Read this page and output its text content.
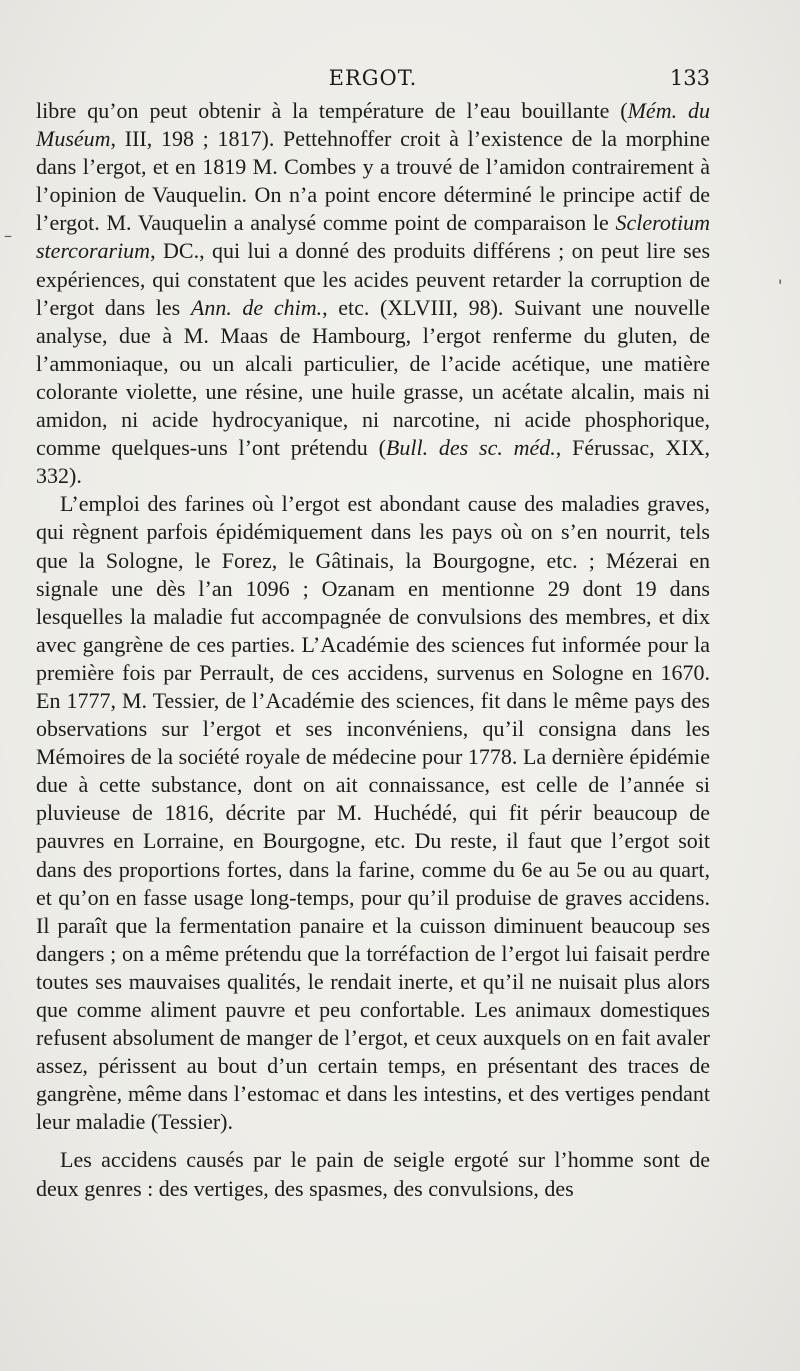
ERGOT.	133
–
'

libre qu’on peut obtenir à la température de l’eau bouillante (Mém. du Muséum, III, 198 ; 1817). Pettehnoffer croit à l’existence de la morphine dans l’ergot, et en 1819 M. Combes y a trouvé de l’amidon contrairement à l’opinion de Vauquelin. On n’a point encore déterminé le principe actif de l’ergot. M. Vauquelin a analysé comme point de comparaison le Sclerotium stercorarium, DC., qui lui a donné des produits différens ; on peut lire ses expériences, qui constatent que les acides peuvent retarder la corruption de l’ergot dans les Ann. de chim., etc. (XLVIII, 98). Suivant une nouvelle analyse, due à M. Maas de Hambourg, l’ergot renferme du gluten, de l’ammoniaque, ou un alcali particulier, de l’acide acétique, une matière colorante violette, une résine, une huile grasse, un acétate alcalin, mais ni amidon, ni acide hydrocyanique, ni narcotine, ni acide phosphorique, comme quelques-uns l’ont prétendu (Bull. des sc. méd., Férussac, XIX, 332).

L’emploi des farines où l’ergot est abondant cause des maladies graves, qui règnent parfois épidémiquement dans les pays où on s’en nourrit, tels que la Sologne, le Forez, le Gâtinais, la Bourgogne, etc. ; Mézerai en signale une dès l’an 1096 ; Ozanam en mentionne 29 dont 19 dans lesquelles la maladie fut accompagnée de convulsions des membres, et dix avec gangrène de ces parties. L’Académie des sciences fut informée pour la première fois par Perrault, de ces accidens, survenus en Sologne en 1670. En 1777, M. Tessier, de l’Académie des sciences, fit dans le même pays des observations sur l’ergot et ses inconvéniens, qu’il consigna dans les Mémoires de la société royale de médecine pour 1778. La dernière épidémie due à cette substance, dont on ait connaissance, est celle de l’année si pluvieuse de 1816, décrite par M. Huchédé, qui fit périr beaucoup de pauvres en Lorraine, en Bourgogne, etc. Du reste, il faut que l’ergot soit dans des proportions fortes, dans la farine, comme du 6e au 5e ou au quart, et qu’on en fasse usage long-temps, pour qu’il produise de graves accidens. Il paraît que la fermentation panaire et la cuisson diminuent beaucoup ses dangers ; on a même prétendu que la torréfaction de l’ergot lui faisait perdre toutes ses mauvaises qualités, le rendait inerte, et qu’il ne nuisait plus alors que comme aliment pauvre et peu confortable. Les animaux domestiques refusent absolument de manger de l’ergot, et ceux auxquels on en fait avaler assez, périssent au bout d’un certain temps, en présentant des traces de gangrène, même dans l’estomac et dans les intestins, et des vertiges pendant leur maladie (Tessier).

Les accidens causés par le pain de seigle ergoté sur l’homme sont de deux genres : des vertiges, des spasmes, des convulsions, des
